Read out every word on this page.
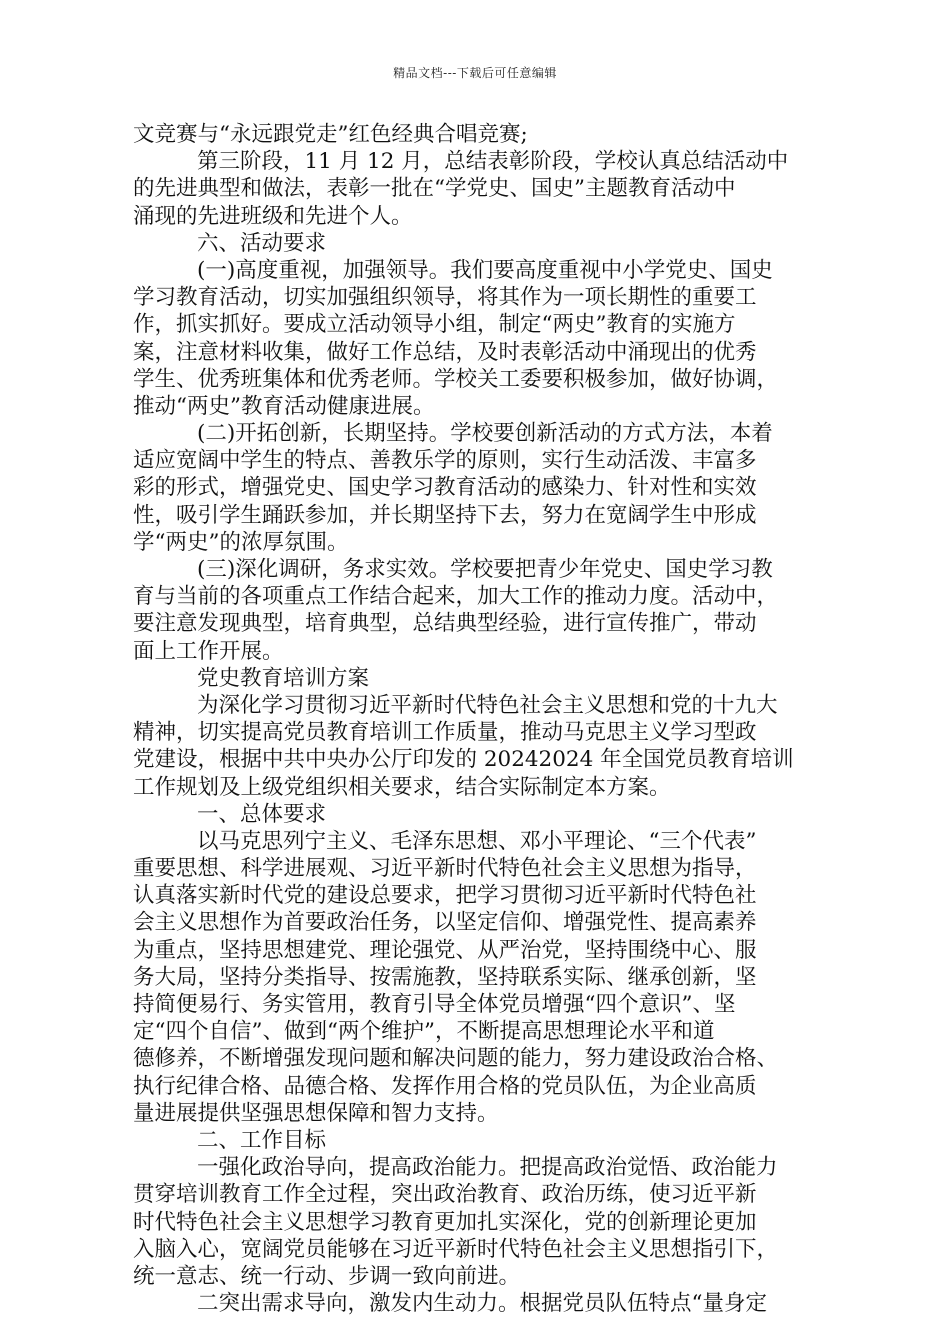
精品文档---下载后可任意编辑
文竞赛与“永远跟党走”红色经典合唱竞赛;
第三阶段，11 月 12 月，总结表彰阶段，学校认真总结活动中
的先进典型和做法，表彰一批在“学党史、国史”主题教育活动中
涌现的先进班级和先进个人。
六、活动要求
(一)高度重视，加强领导。我们要高度重视中小学党史、国史
学习教育活动，切实加强组织领导，将其作为一项长期性的重要工
作，抓实抓好。要成立活动领导小组，制定“两史”教育的实施方
案，注意材料收集，做好工作总结，及时表彰活动中涌现出的优秀
学生、优秀班集体和优秀老师。学校关工委要积极参加，做好协调，
推动“两史”教育活动健康进展。
(二)开拓创新，长期坚持。学校要创新活动的方式方法，本着
适应宽阔中学生的特点、善教乐学的原则，实行生动活泼、丰富多
彩的形式，增强党史、国史学习教育活动的感染力、针对性和实效
性，吸引学生踊跃参加，并长期坚持下去，努力在宽阔学生中形成
学“两史”的浓厚氛围。
(三)深化调研，务求实效。学校要把青少年党史、国史学习教
育与当前的各项重点工作结合起来，加大工作的推动力度。活动中，
要注意发现典型，培育典型，总结典型经验，进行宣传推广，带动
面上工作开展。
党史教育培训方案
为深化学习贯彻习近平新时代特色社会主义思想和党的十九大
精神，切实提高党员教育培训工作质量，推动马克思主义学习型政
党建设，根据中共中央办公厅印发的 20242024 年全国党员教育培训
工作规划及上级党组织相关要求，结合实际制定本方案。
一、总体要求
以马克思列宁主义、毛泽东思想、邓小平理论、“三个代表”
重要思想、科学进展观、习近平新时代特色社会主义思想为指导，
认真落实新时代党的建设总要求，把学习贯彻习近平新时代特色社
会主义思想作为首要政治任务，以坚定信仰、增强党性、提高素养
为重点，坚持思想建党、理论强党、从严治党，坚持围绕中心、服
务大局，坚持分类指导、按需施教，坚持联系实际、继承创新，坚
持简便易行、务实管用，教育引导全体党员增强“四个意识”、坚
定“四个自信”、做到“两个维护”，不断提高思想理论水平和道
德修养，不断增强发现问题和解决问题的能力，努力建设政治合格、
执行纪律合格、品德合格、发挥作用合格的党员队伍，为企业高质
量进展提供坚强思想保障和智力支持。
二、工作目标
一强化政治导向，提高政治能力。把提高政治觉悟、政治能力
贯穿培训教育工作全过程，突出政治教育、政治历练，使习近平新
时代特色社会主义思想学习教育更加扎实深化，党的创新理论更加
入脑入心，宽阔党员能够在习近平新时代特色社会主义思想指引下，
统一意志、统一行动、步调一致向前进。
二突出需求导向，激发内生动力。根据党员队伍特点“量身定
